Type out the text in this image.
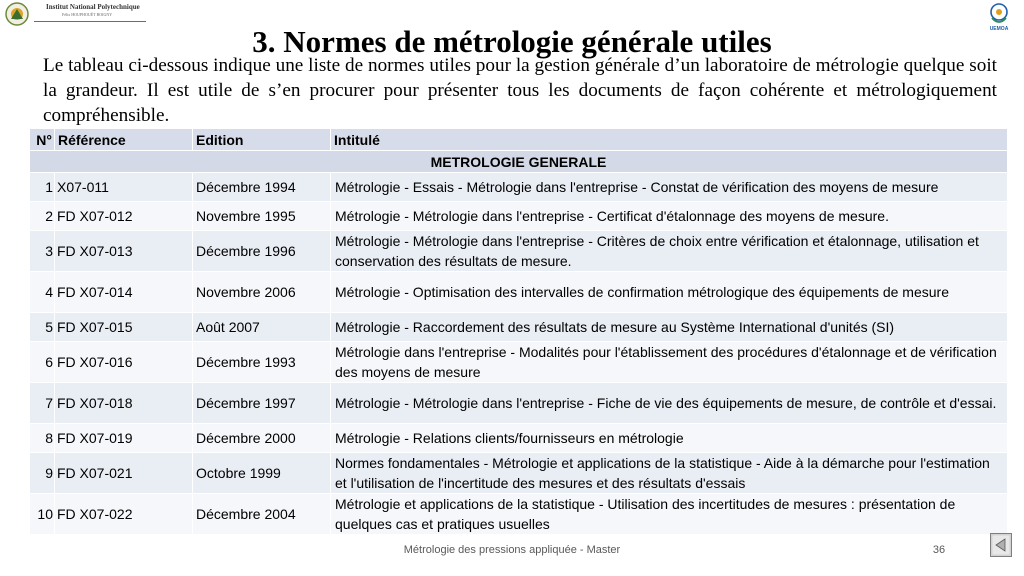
Institut National Polytechnique
Félix HOUPHOUËT BOIGNY
UEMOA
3. Normes de métrologie générale utiles

Le tableau ci-dessous indique une liste de normes utiles pour la gestion générale d’un laboratoire de métrologie quelque soit la grandeur. Il est utile de s’en procurer pour présenter tous les documents de façon cohérente et métrologiquement compréhensible.

N°	Référence	Edition	Intitulé
METROLOGIE GENERALE			
1	X07-011	Décembre 1994	Métrologie - Essais - Métrologie dans l'entreprise - Constat de vérification des moyens de mesure
2	FD X07-012	Novembre 1995	Métrologie - Métrologie dans l'entreprise - Certificat d'étalonnage des moyens de mesure.
3	FD X07-013	Décembre 1996	Métrologie - Métrologie dans l'entreprise - Critères de choix entre vérification et étalonnage, utilisation et conservation des résultats de mesure.
4	FD X07-014	Novembre 2006	Métrologie - Optimisation des intervalles de confirmation métrologique des équipements de mesure
5	FD X07-015	Août 2007	Métrologie - Raccordement des résultats de mesure au Système International d'unités (SI)
6	FD X07-016	Décembre 1993	Métrologie dans l'entreprise - Modalités pour l'établissement des procédures d'étalonnage et de vérification des moyens de mesure
7	FD X07-018	Décembre 1997	Métrologie - Métrologie dans l'entreprise - Fiche de vie des équipements de mesure, de contrôle et d'essai.
8	FD X07-019	Décembre 2000	Métrologie - Relations clients/fournisseurs en métrologie
9	FD X07-021	Octobre 1999	Normes fondamentales - Métrologie et applications de la statistique - Aide à la démarche pour l'estimation et l'utilisation de l'incertitude des mesures et des résultats d'essais
10	FD X07-022	Décembre 2004	Métrologie et applications de la statistique - Utilisation des incertitudes de mesures : présentation de quelques cas et pratiques usuelles
Métrologie des pressions appliquée - Master	36
